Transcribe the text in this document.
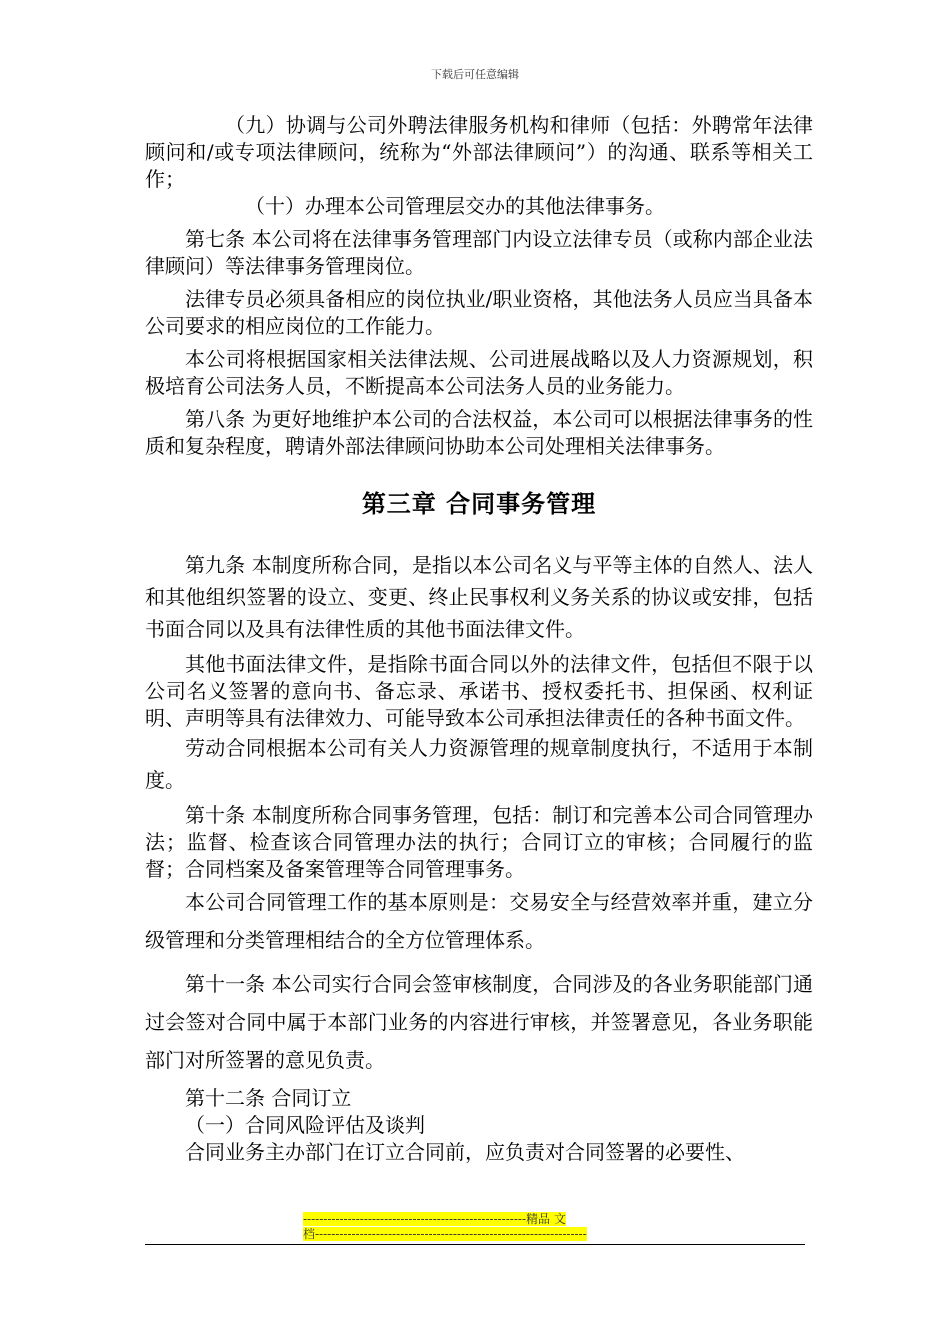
下载后可任意编辑

（九）协调与公司外聘法律服务机构和律师（包括：外聘常年法律顾问和/或专项法律顾问，统称为“外部法律顾问”）的沟通、联系等相关工作；

（十）办理本公司管理层交办的其他法律事务。

第七条 本公司将在法律事务管理部门内设立法律专员（或称内部企业法律顾问）等法律事务管理岗位。

法律专员必须具备相应的岗位执业/职业资格，其他法务人员应当具备本公司要求的相应岗位的工作能力。

本公司将根据国家相关法律法规、公司进展战略以及人力资源规划，积极培育公司法务人员，不断提高本公司法务人员的业务能力。

第八条 为更好地维护本公司的合法权益，本公司可以根据法律事务的性质和复杂程度，聘请外部法律顾问协助本公司处理相关法律事务。

第三章 合同事务管理

第九条 本制度所称合同，是指以本公司名义与平等主体的自然人、法人和其他组织签署的设立、变更、终止民事权利义务关系的协议或安排，包括书面合同以及具有法律性质的其他书面法律文件。

其他书面法律文件，是指除书面合同以外的法律文件，包括但不限于以公司名义签署的意向书、备忘录、承诺书、授权委托书、担保函、权利证明、声明等具有法律效力、可能导致本公司承担法律责任的各种书面文件。

劳动合同根据本公司有关人力资源管理的规章制度执行，不适用于本制度。

第十条 本制度所称合同事务管理，包括：制订和完善本公司合同管理办法；监督、检查该合同管理办法的执行；合同订立的审核；合同履行的监督；合同档案及备案管理等合同管理事务。

本公司合同管理工作的基本原则是：交易安全与经营效率并重，建立分级管理和分类管理相结合的全方位管理体系。

第十一条 本公司实行合同会签审核制度，合同涉及的各业务职能部门通过会签对合同中属于本部门业务的内容进行审核，并签署意见，各业务职能部门对所签署的意见负责。

第十二条 合同订立

（一）合同风险评估及谈判

合同业务主办部门在订立合同前，应负责对合同签署的必要性、

-------------------------------------------------------精品 文
档-------------------------------------------------------------------
